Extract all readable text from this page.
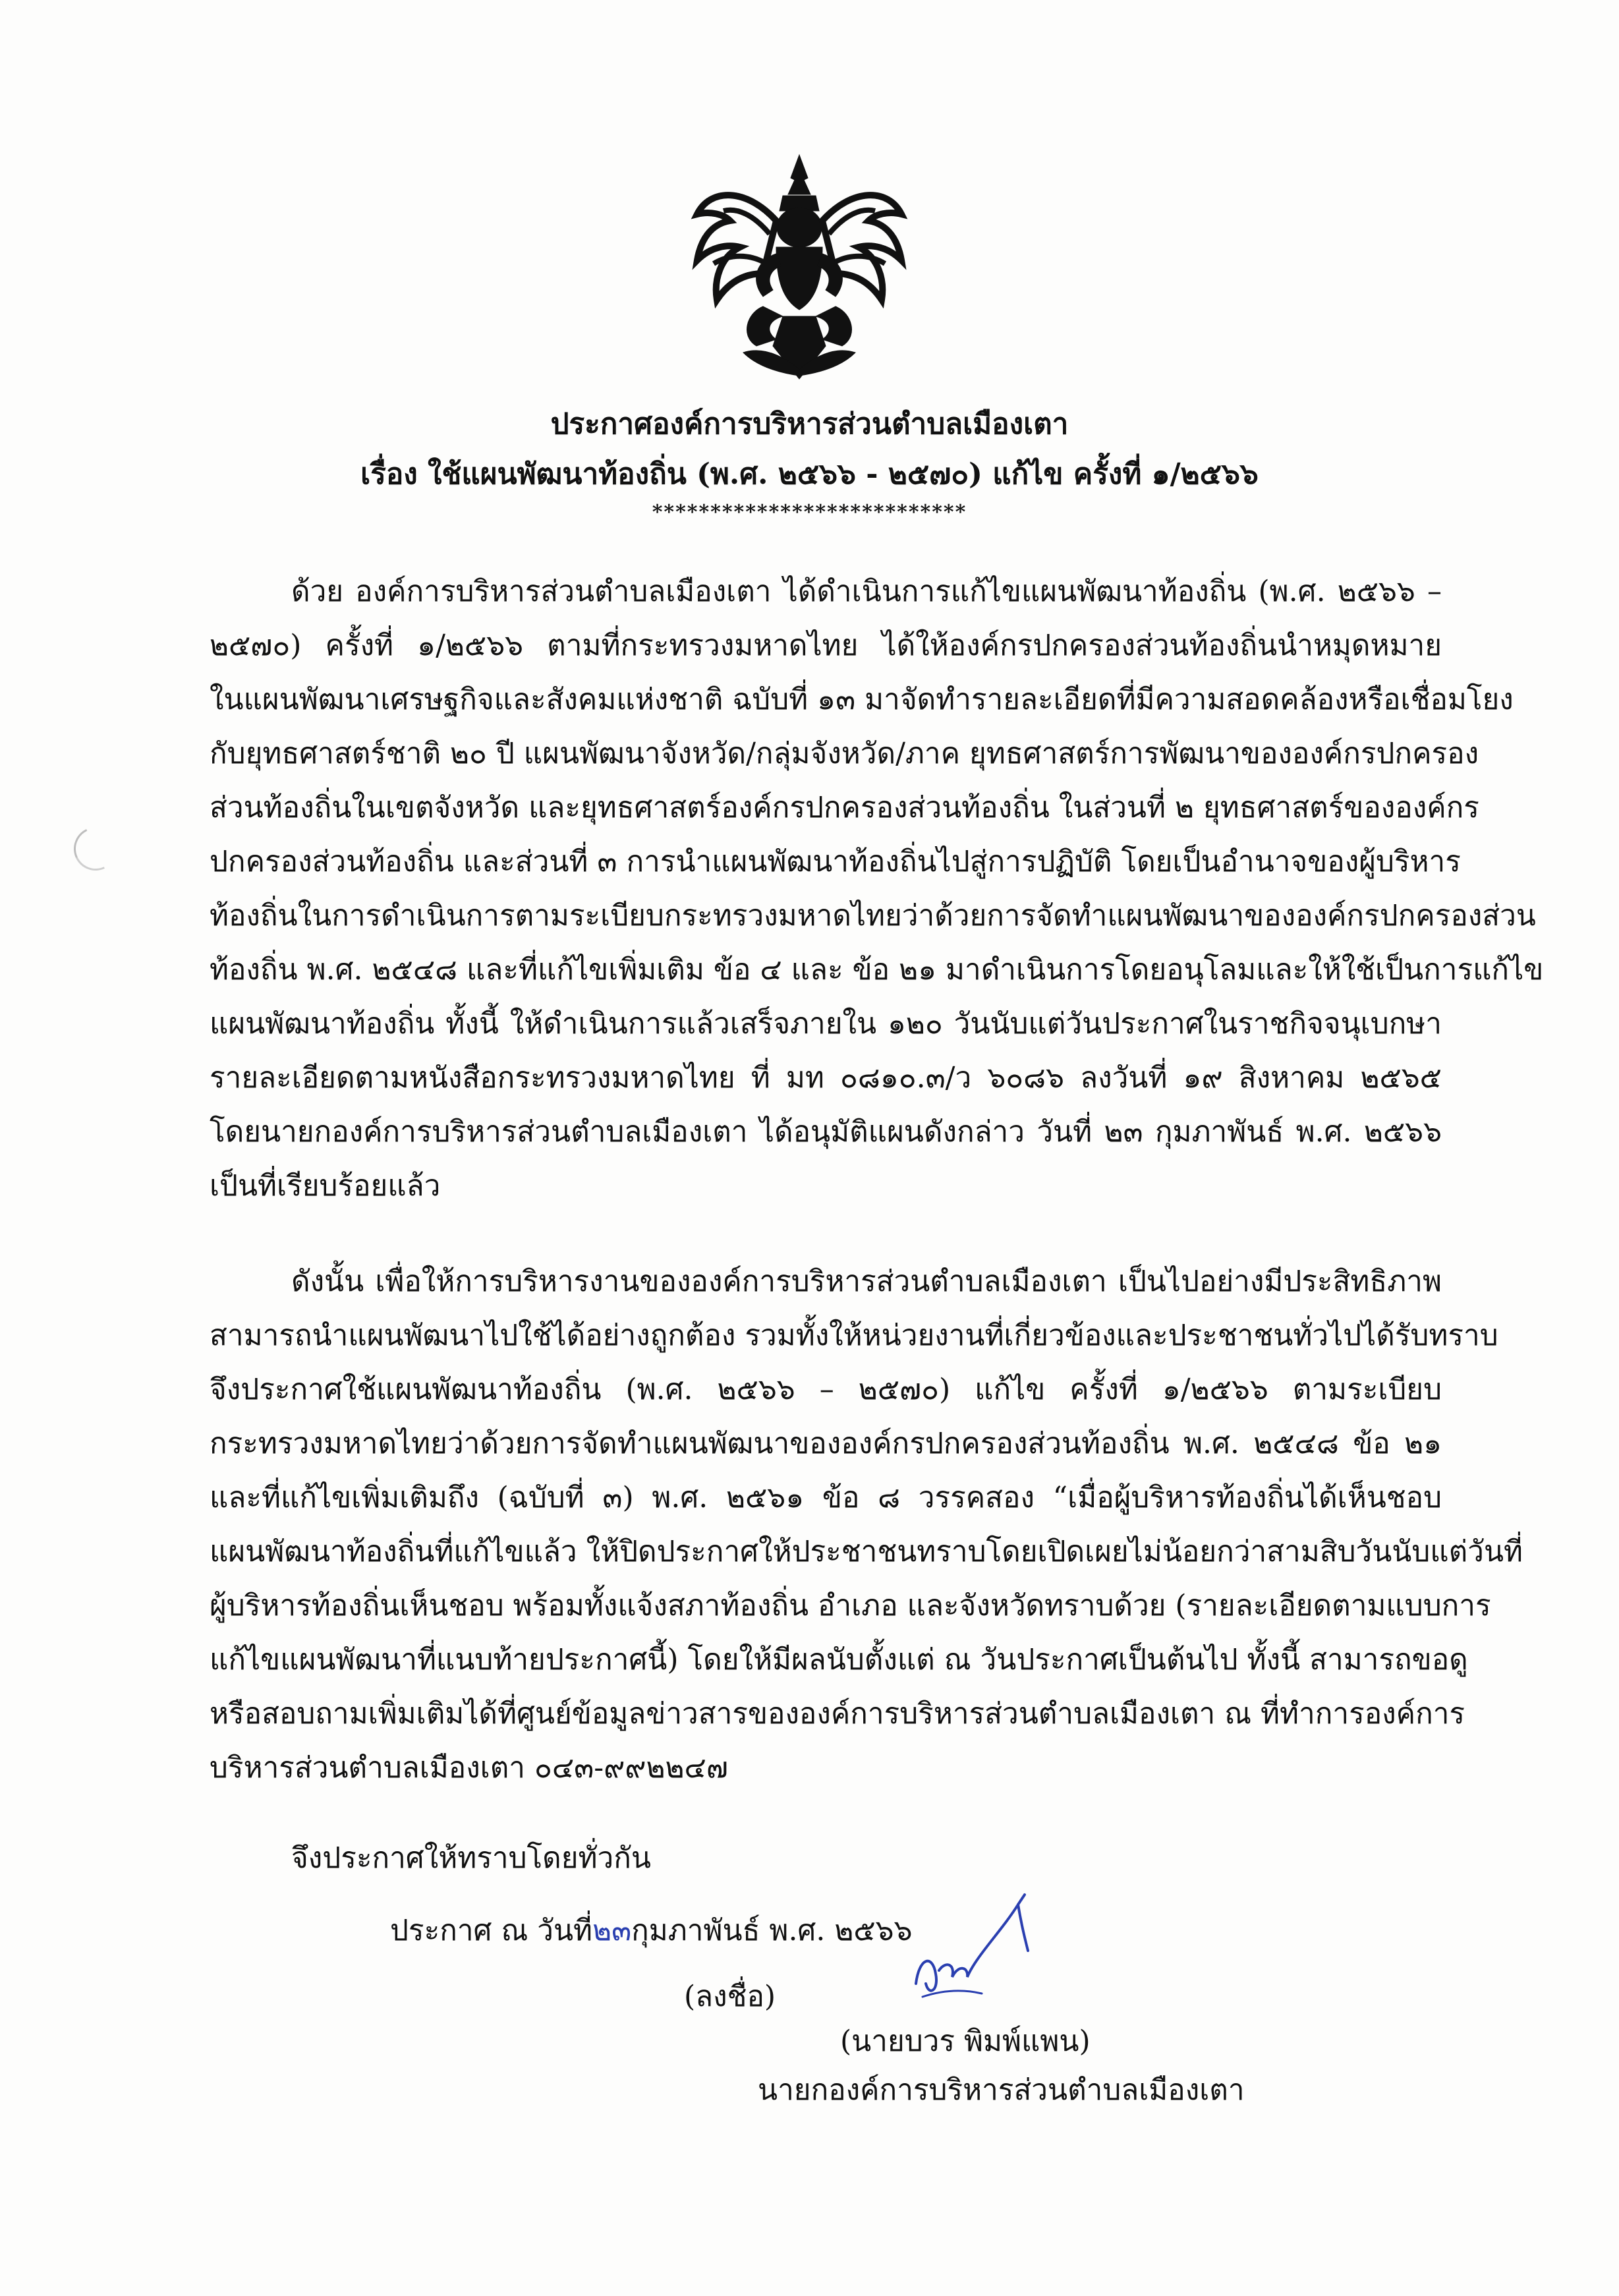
ประกาศองค์การบริหารส่วนตำบลเมืองเตา
เรื่อง ใช้แผนพัฒนาท้องถิ่น (พ.ศ. ๒๕๖๖ - ๒๕๗๐) แก้ไข ครั้งที่ ๑/๒๕๖๖
***************************
ด้วย องค์การบริหารส่วนตำบลเมืองเตา ได้ดำเนินการแก้ไขแผนพัฒนาท้องถิ่น (พ.ศ. ๒๕๖๖ –
๒๕๗๐) ครั้งที่ ๑/๒๕๖๖ ตามที่กระทรวงมหาดไทย ได้ให้องค์กรปกครองส่วนท้องถิ่นนำหมุดหมาย
ในแผนพัฒนาเศรษฐกิจและสังคมแห่งชาติ ฉบับที่ ๑๓ มาจัดทำรายละเอียดที่มีความสอดคล้องหรือเชื่อมโยง
กับยุทธศาสตร์ชาติ ๒๐ ปี แผนพัฒนาจังหวัด/กลุ่มจังหวัด/ภาค ยุทธศาสตร์การพัฒนาขององค์กรปกครอง
ส่วนท้องถิ่นในเขตจังหวัด และยุทธศาสตร์องค์กรปกครองส่วนท้องถิ่น ในส่วนที่ ๒ ยุทธศาสตร์ขององค์กร
ปกครองส่วนท้องถิ่น และส่วนที่ ๓ การนำแผนพัฒนาท้องถิ่นไปสู่การปฏิบัติ โดยเป็นอำนาจของผู้บริหาร
ท้องถิ่นในการดำเนินการตามระเบียบกระทรวงมหาดไทยว่าด้วยการจัดทำแผนพัฒนาขององค์กรปกครองส่วน
ท้องถิ่น พ.ศ. ๒๕๔๘ และที่แก้ไขเพิ่มเติม ข้อ ๔ และ ข้อ ๒๑ มาดำเนินการโดยอนุโลมและให้ใช้เป็นการแก้ไข
แผนพัฒนาท้องถิ่น ทั้งนี้ ให้ดำเนินการแล้วเสร็จภายใน ๑๒๐ วันนับแต่วันประกาศในราชกิจจนุเบกษา
รายละเอียดตามหนังสือกระทรวงมหาดไทย ที่ มท ๐๘๑๐.๓/ว ๖๐๘๖ ลงวันที่ ๑๙ สิงหาคม ๒๕๖๕
โดยนายกองค์การบริหารส่วนตำบลเมืองเตา ได้อนุมัติแผนดังกล่าว วันที่ ๒๓ กุมภาพันธ์ พ.ศ. ๒๕๖๖
เป็นที่เรียบร้อยแล้ว
ดังนั้น เพื่อให้การบริหารงานขององค์การบริหารส่วนตำบลเมืองเตา เป็นไปอย่างมีประสิทธิภาพ
สามารถนำแผนพัฒนาไปใช้ได้อย่างถูกต้อง รวมทั้งให้หน่วยงานที่เกี่ยวข้องและประชาชนทั่วไปได้รับทราบ
จึงประกาศใช้แผนพัฒนาท้องถิ่น (พ.ศ. ๒๕๖๖ – ๒๕๗๐) แก้ไข ครั้งที่ ๑/๒๕๖๖ ตามระเบียบ
กระทรวงมหาดไทยว่าด้วยการจัดทำแผนพัฒนาขององค์กรปกครองส่วนท้องถิ่น พ.ศ. ๒๕๔๘ ข้อ ๒๑
และที่แก้ไขเพิ่มเติมถึง (ฉบับที่ ๓) พ.ศ. ๒๕๖๑ ข้อ ๘ วรรคสอง “เมื่อผู้บริหารท้องถิ่นได้เห็นชอบ
แผนพัฒนาท้องถิ่นที่แก้ไขแล้ว ให้ปิดประกาศให้ประชาชนทราบโดยเปิดเผยไม่น้อยกว่าสามสิบวันนับแต่วันที่
ผู้บริหารท้องถิ่นเห็นชอบ พร้อมทั้งแจ้งสภาท้องถิ่น อำเภอ และจังหวัดทราบด้วย (รายละเอียดตามแบบการ
แก้ไขแผนพัฒนาที่แนบท้ายประกาศนี้) โดยให้มีผลนับตั้งแต่ ณ วันประกาศเป็นต้นไป ทั้งนี้ สามารถขอดู
หรือสอบถามเพิ่มเติมได้ที่ศูนย์ข้อมูลข่าวสารขององค์การบริหารส่วนตำบลเมืองเตา ณ ที่ทำการองค์การ
บริหารส่วนตำบลเมืองเตา ๐๔๓-๙๙๒๒๔๗
จึงประกาศให้ทราบโดยทั่วกัน
ประกาศ ณ วันที่๒๓กุมภาพันธ์ พ.ศ. ๒๕๖๖
(ลงชื่อ)
(นายบวร พิมพ์แพน)
นายกองค์การบริหารส่วนตำบลเมืองเตา
